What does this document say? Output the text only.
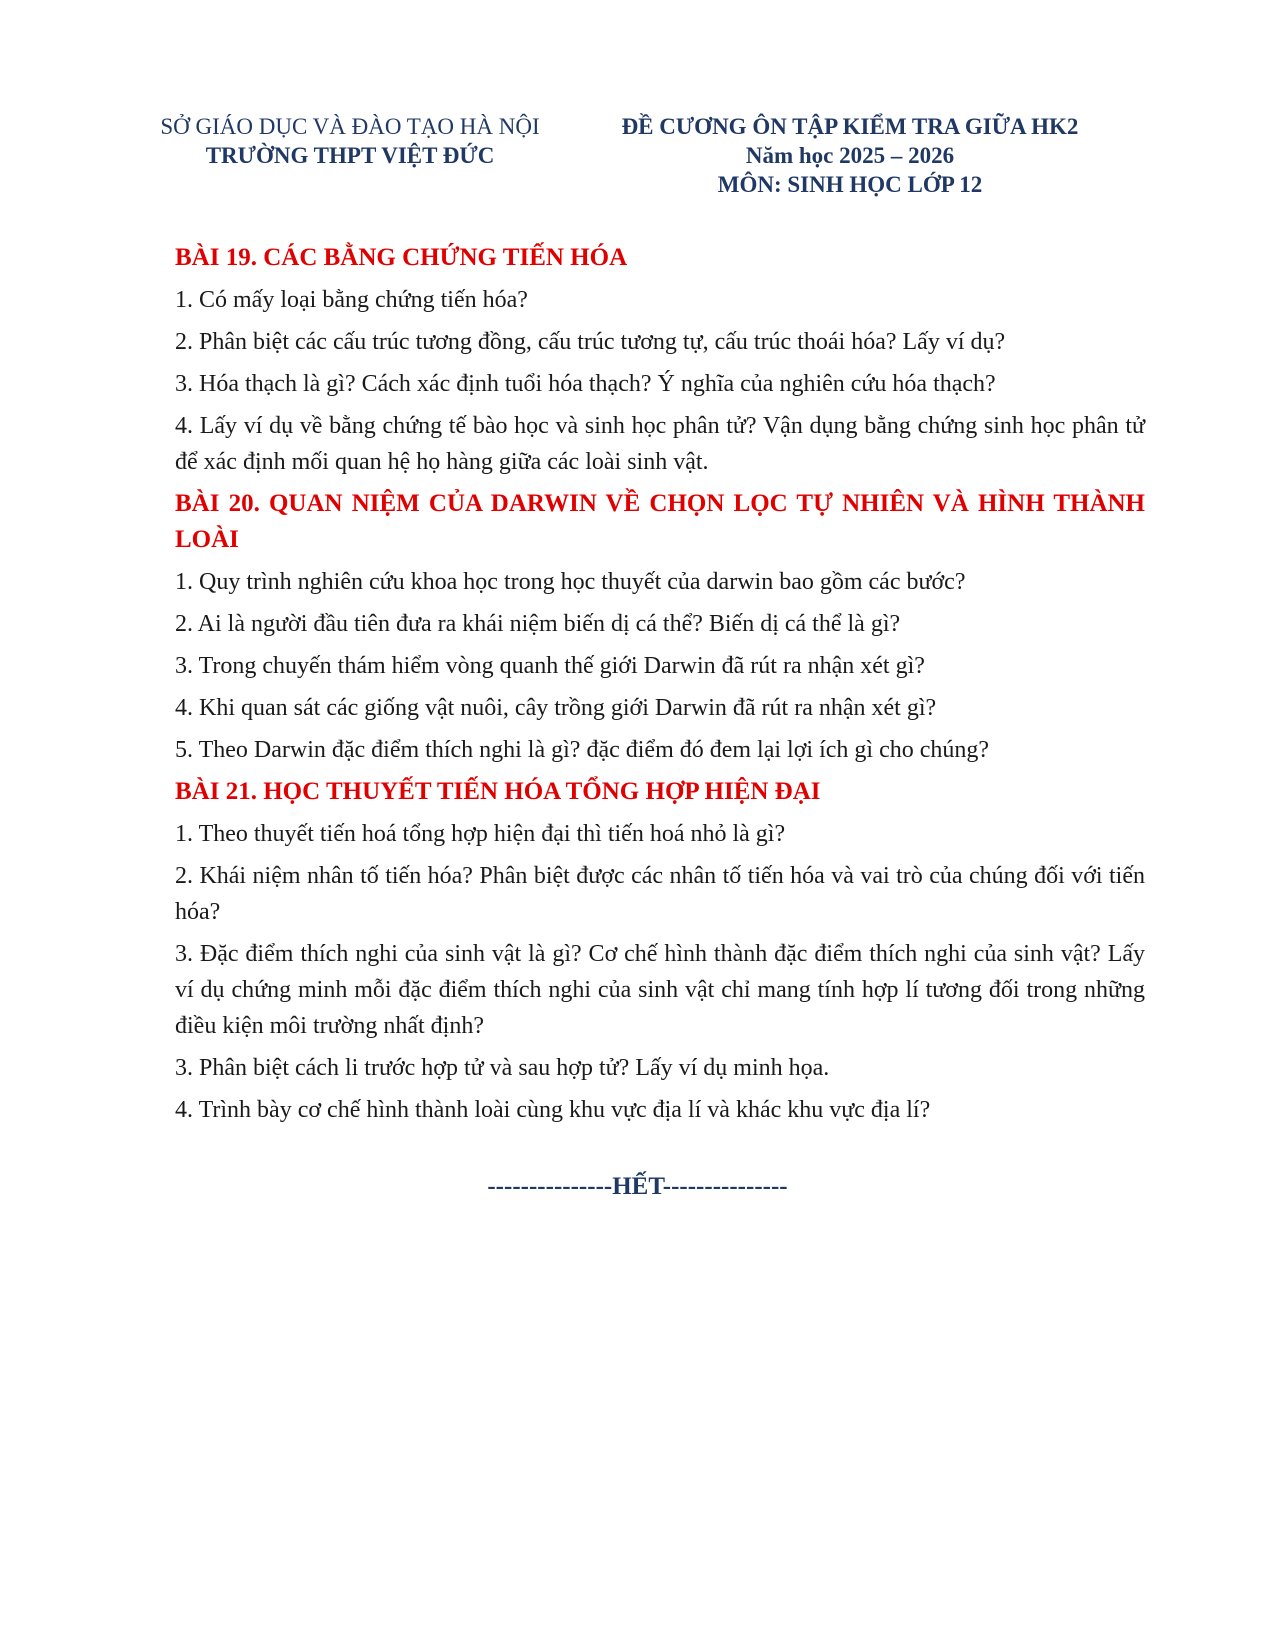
SỞ GIÁO DỤC VÀ ĐÀO TẠO HÀ NỘI
TRƯỜNG THPT VIỆT ĐỨC
ĐỀ CƯƠNG ÔN TẬP KIỂM TRA GIỮA HK2
Năm học 2025 – 2026
MÔN: SINH HỌC LỚP 12
BÀI 19. CÁC BẰNG CHỨNG TIẾN HÓA
1. Có mấy loại bằng chứng tiến hóa?
2. Phân biệt các cấu trúc tương đồng, cấu trúc tương tự, cấu trúc thoái hóa? Lấy ví dụ?
3. Hóa thạch là gì? Cách xác định tuổi hóa thạch? Ý nghĩa của nghiên cứu hóa thạch?
4. Lấy ví dụ về bằng chứng tế bào học và sinh học phân tử? Vận dụng bằng chứng sinh học phân tử để xác định mối quan hệ họ hàng giữa các loài sinh vật.
BÀI 20. QUAN NIỆM CỦA DARWIN VỀ CHỌN LỌC TỰ NHIÊN VÀ HÌNH THÀNH LOÀI
1. Quy trình nghiên cứu khoa học trong học thuyết của darwin bao gồm các bước?
2. Ai là người đầu tiên đưa ra khái niệm biến dị cá thể? Biến dị cá thể là gì?
3. Trong chuyến thám hiểm vòng quanh thế giới Darwin đã rút ra nhận xét gì?
4. Khi quan sát các giống vật nuôi, cây trồng giới Darwin đã rút ra nhận xét gì?
5. Theo Darwin đặc điểm thích nghi là gì? đặc điểm đó đem lại lợi ích gì cho chúng?
BÀI 21. HỌC THUYẾT TIẾN HÓA TỔNG HỢP HIỆN ĐẠI
1. Theo thuyết tiến hoá tổng hợp hiện đại thì tiến hoá nhỏ là gì?
2. Khái niệm nhân tố tiến hóa? Phân biệt được các nhân tố tiến hóa và vai trò của chúng đối với tiến hóa?
3. Đặc điểm thích nghi của sinh vật là gì? Cơ chế hình thành đặc điểm thích nghi của sinh vật? Lấy ví dụ chứng minh mỗi đặc điểm thích nghi của sinh vật chỉ mang tính hợp lí tương đối trong những điều kiện môi trường nhất định?
3. Phân biệt cách li trước hợp tử và sau hợp tử? Lấy ví dụ minh họa.
4. Trình bày cơ chế hình thành loài cùng khu vực địa lí và khác khu vực địa lí?
---------------HẾT---------------
